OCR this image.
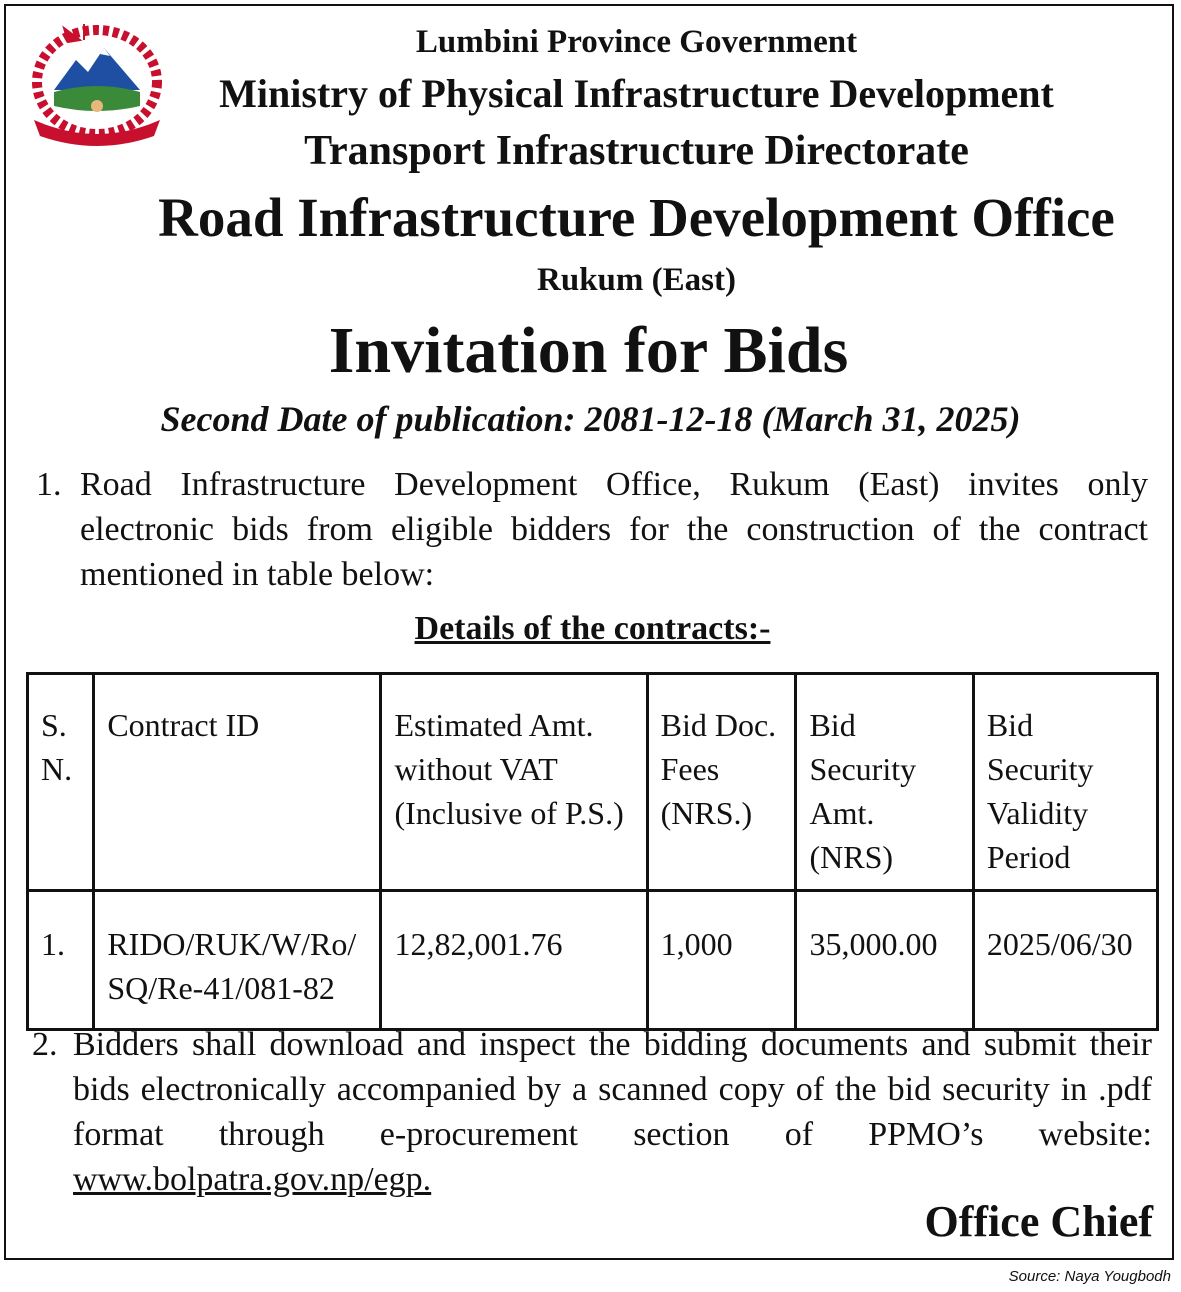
Lumbini Province Government
Ministry of Physical Infrastructure Development
Transport Infrastructure Directorate
Road Infrastructure Development Office
Rukum (East)
Invitation for Bids
Second Date of publication: 2081-12-18 (March 31, 2025)
1. Road Infrastructure Development Office, Rukum (East) invites only electronic bids from eligible bidders for the construction of the contract mentioned in table below:
Details of the contracts:-
S. N.	Contract ID	Estimated Amt. without VAT (Inclusive of P.S.)	Bid Doc. Fees (NRS.)	Bid Security Amt. (NRS)	Bid Security Validity Period
1.	RIDO/RUK/W/Ro/ SQ/Re-41/081-82	12,82,001.76	1,000	35,000.00	2025/06/30
2. Bidders shall download and inspect the bidding documents and submit their bids electronically accompanied by a scanned copy of the bid security in .pdf format through e-procurement section of PPMO’s website: www.bolpatra.gov.np/egp.
Office Chief
Source: Naya Yougbodh
